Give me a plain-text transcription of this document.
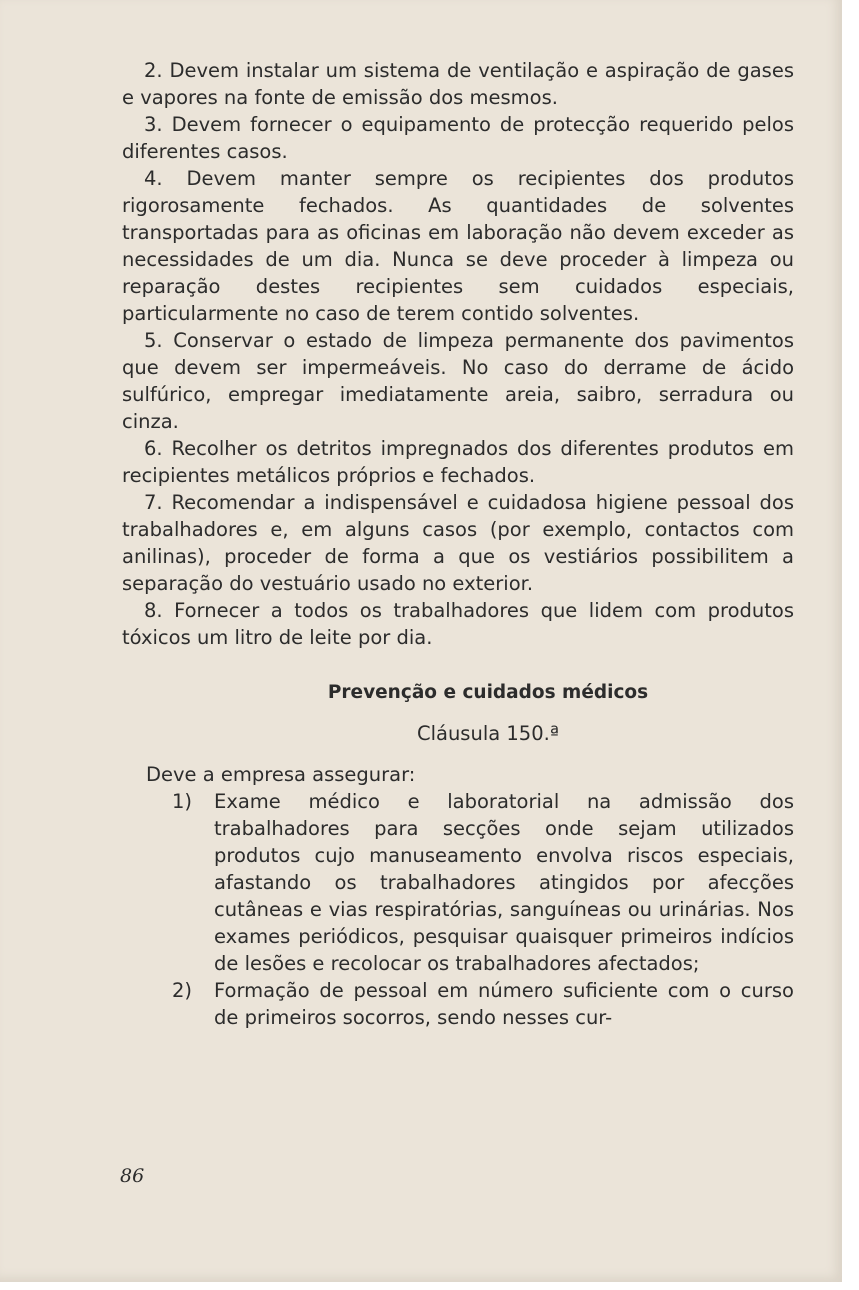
2. Devem instalar um sistema de ventilação e aspiração de gases e vapores na fonte de emissão dos mesmos.

3. Devem fornecer o equipamento de protecção requerido pelos diferentes casos.

4. Devem manter sempre os recipientes dos produtos rigorosamente fechados. As quantidades de solventes transportadas para as oficinas em laboração não devem exceder as necessidades de um dia. Nunca se deve proceder à limpeza ou reparação destes recipientes sem cuidados especiais, particularmente no caso de terem contido solventes.

5. Conservar o estado de limpeza permanente dos pavimentos que devem ser impermeáveis. No caso do derrame de ácido sulfúrico, empregar imediatamente areia, saibro, serradura ou cinza.

6. Recolher os detritos impregnados dos diferentes produtos em recipientes metálicos próprios e fechados.

7. Recomendar a indispensável e cuidadosa higiene pessoal dos trabalhadores e, em alguns casos (por exemplo, contactos com anilinas), proceder de forma a que os vestiários possibilitem a separação do vestuário usado no exterior.

8. Fornecer a todos os trabalhadores que lidem com produtos tóxicos um litro de leite por dia.

Prevenção e cuidados médicos

Cláusula 150.ª

Deve a empresa assegurar:

1) Exame médico e laboratorial na admissão dos trabalhadores para secções onde sejam utilizados produtos cujo manuseamento envolva riscos especiais, afastando os trabalhadores atingidos por afecções cutâneas e vias respiratórias, sanguíneas ou urinárias. Nos exames periódicos, pesquisar quaisquer primeiros indícios de lesões e recolocar os trabalhadores afectados;
2) Formação de pessoal em número suficiente com o curso de primeiros socorros, sendo nesses cur-
86
